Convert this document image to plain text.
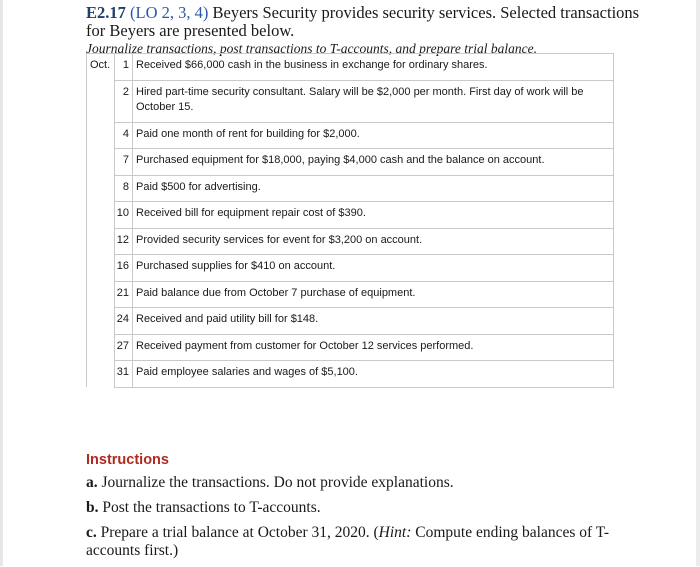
E2.17 (LO 2, 3, 4) Beyers Security provides security services. Selected transactions for Beyers are presented below.

Journalize transactions, post transactions to T-accounts, and prepare trial balance.
Oct.	1	Received $66,000 cash in the business in exchange for ordinary shares.
	2	Hired part-time security consultant. Salary will be $2,000 per month. First day of work will be October 15.
	4	Paid one month of rent for building for $2,000.
	7	Purchased equipment for $18,000, paying $4,000 cash and the balance on account.
	8	Paid $500 for advertising.
	10	Received bill for equipment repair cost of $390.
	12	Provided security services for event for $3,200 on account.
	16	Purchased supplies for $410 on account.
	21	Paid balance due from October 7 purchase of equipment.
	24	Received and paid utility bill for $148.
	27	Received payment from customer for October 12 services performed.
	31	Paid employee salaries and wages of $5,100.
Instructions
a. Journalize the transactions. Do not provide explanations.
b. Post the transactions to T-accounts.
c. Prepare a trial balance at October 31, 2020. (Hint: Compute ending balances of T-accounts first.)
